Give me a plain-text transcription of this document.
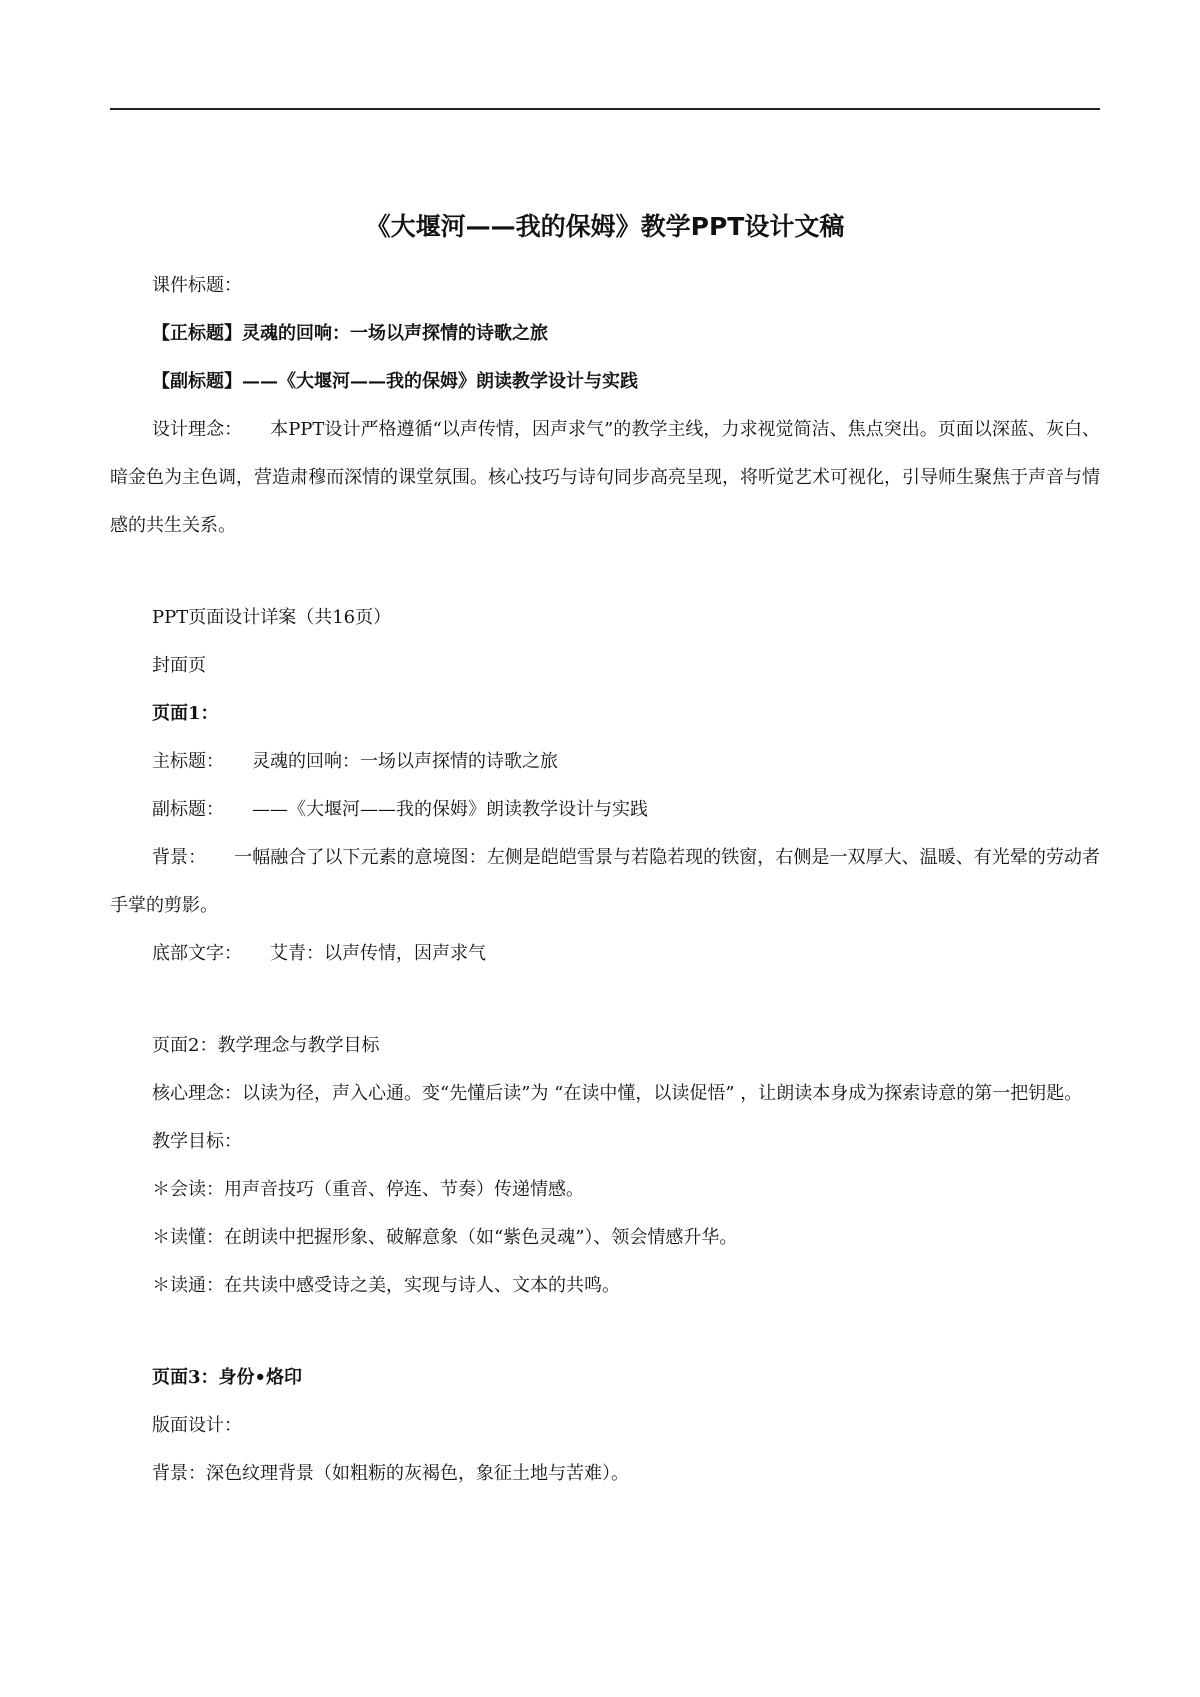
《大堰河——我的保姆》教学PPT设计文稿

课件标题：

【正标题】灵魂的回响：一场以声探情的诗歌之旅

【副标题】——《大堰河——我的保姆》朗读教学设计与实践

设计理念： 本PPT设计严格遵循“以声传情，因声求气”的教学主线，力求视觉简洁、焦点突出。页面以深蓝、灰白、暗金色为主色调，营造肃穆而深情的课堂氛围。核心技巧与诗句同步高亮呈现，将听觉艺术可视化，引导师生聚焦于声音与情感的共生关系。

PPT页面设计详案（共16页）

封面页

页面1：

主标题： 灵魂的回响：一场以声探情的诗歌之旅

副标题： ——《大堰河——我的保姆》朗读教学设计与实践

背景： 一幅融合了以下元素的意境图：左侧是皑皑雪景与若隐若现的铁窗，右侧是一双厚大、温暖、有光晕的劳动者手掌的剪影。

底部文字： 艾青：以声传情，因声求气

页面2：教学理念与教学目标

核心理念：以读为径，声入心通。变“先懂后读”为 “在读中懂，以读促悟” ，让朗读本身成为探索诗意的第一把钥匙。

教学目标：

＊会读：用声音技巧（重音、停连、节奏）传递情感。

＊读懂：在朗读中把握形象、破解意象（如“紫色灵魂”）、领会情感升华。

＊读通：在共读中感受诗之美，实现与诗人、文本的共鸣。

页面3：身份•烙印

版面设计：

背景：深色纹理背景（如粗粝的灰褐色，象征土地与苦难）。
